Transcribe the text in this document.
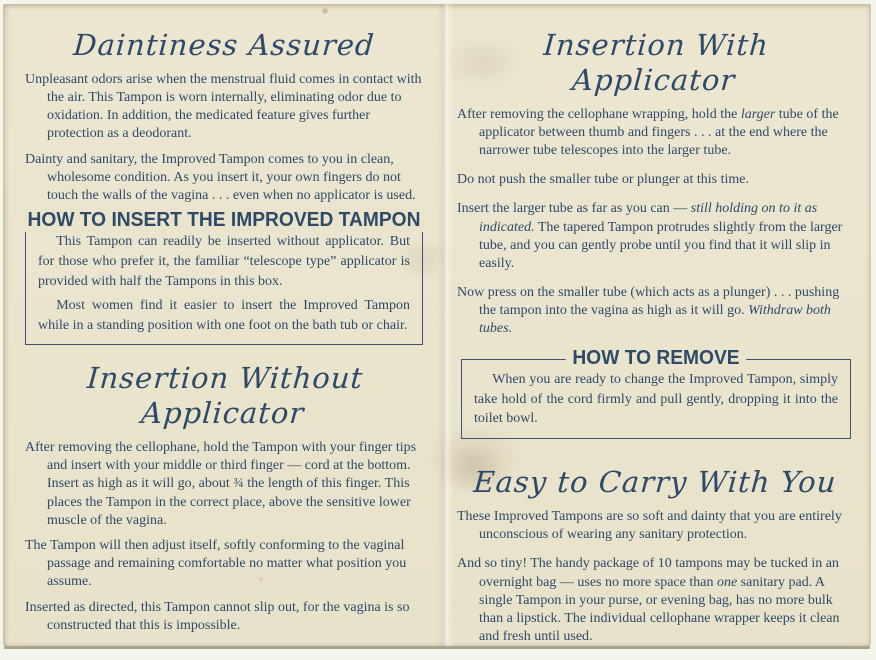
Daintiness Assured

Unpleasant odors arise when the menstrual fluid comes in contact with the air. This Tampon is worn internally, eliminating odor due to oxidation. In addition, the medicated feature gives further protection as a deodorant.

Dainty and sanitary, the Improved Tampon comes to you in clean, wholesome condition. As you insert it, your own fingers do not touch the walls of the vagina . . . even when no applicator is used.

HOW TO INSERT THE IMPROVED TAMPON

This Tampon can readily be inserted without applicator. But for those who prefer it, the familiar “telescope type” applicator is provided with half the Tampons in this box.

Most women find it easier to insert the Improved Tampon while in a standing position with one foot on the bath tub or chair.

Insertion Without Applicator

After removing the cellophane, hold the Tampon with your finger tips and insert with your middle or third finger — cord at the bottom. Insert as high as it will go, about ¾ the length of this finger. This places the Tampon in the correct place, above the sensitive lower muscle of the vagina.

The Tampon will then adjust itself, softly conforming to the vaginal passage and remaining comfortable no matter what position you assume.

Inserted as directed, this Tampon cannot slip out, for the vagina is so constructed that this is impossible.

Insertion With Applicator

After removing the cellophane wrapping, hold the larger tube of the applicator between thumb and fingers . . . at the end where the narrower tube telescopes into the larger tube.

Do not push the smaller tube or plunger at this time.

Insert the larger tube as far as you can — still holding on to it as indicated. The tapered Tampon protrudes slightly from the larger tube, and you can gently probe until you find that it will slip in easily.

Now press on the smaller tube (which acts as a plunger) . . . pushing the tampon into the vagina as high as it will go. Withdraw both tubes.

HOW TO REMOVE

When you are ready to change the Improved Tampon, simply take hold of the cord firmly and pull gently, dropping it into the toilet bowl.

Easy to Carry With You

These Improved Tampons are so soft and dainty that you are entirely unconscious of wearing any sanitary protection.

And so tiny! The handy package of 10 tampons may be tucked in an overnight bag — uses no more space than one sanitary pad. A single Tampon in your purse, or evening bag, has no more bulk than a lipstick. The individual cellophane wrapper keeps it clean and fresh until used.
